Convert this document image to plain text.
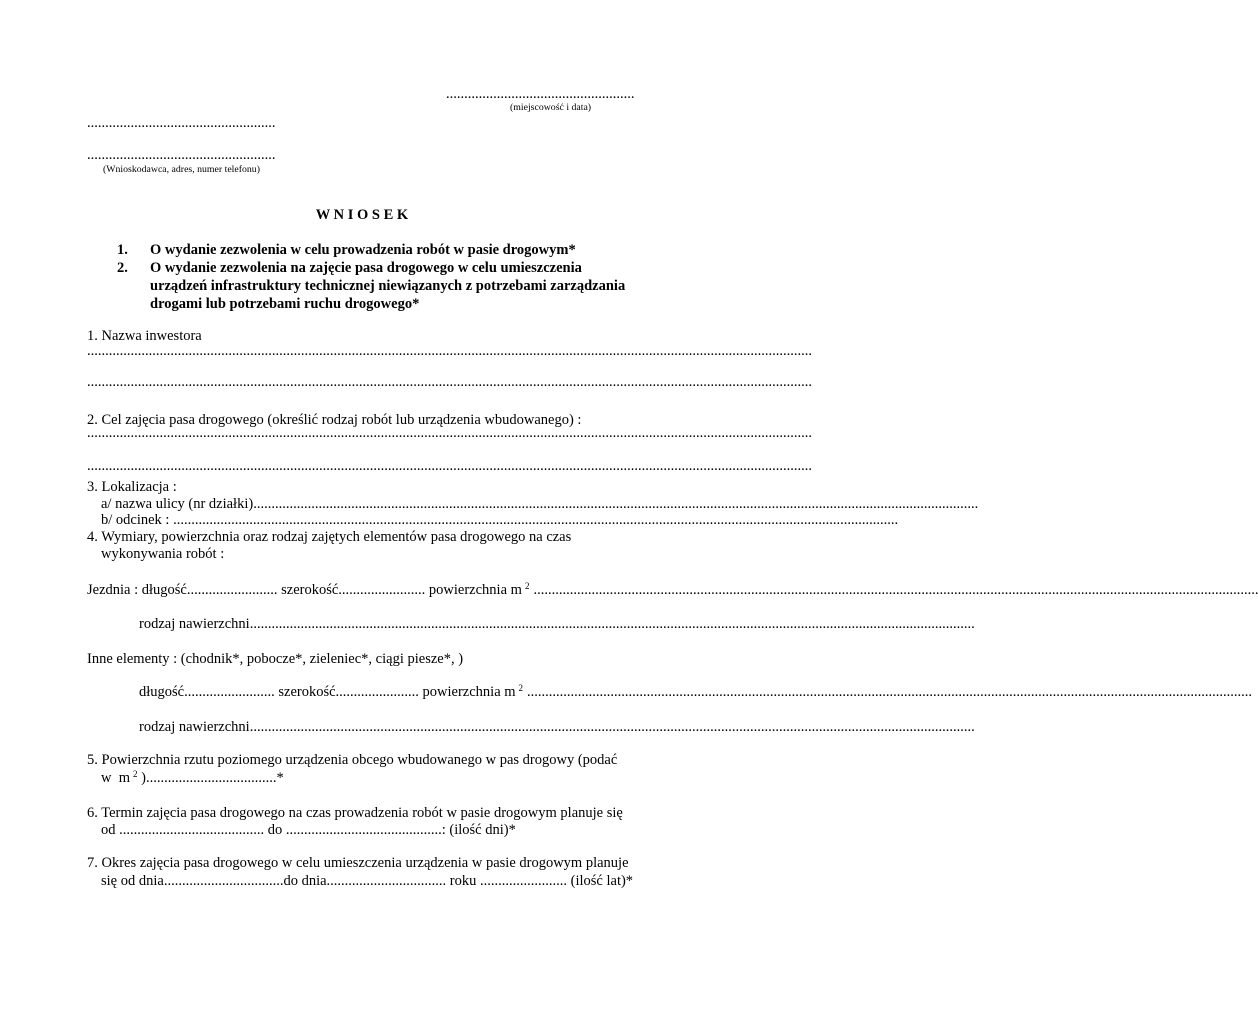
....................................................
(miejscowość i data)
....................................................
....................................................
(Wnioskodawca, adres, numer telefonu)
W N I O S E K
1. O wydanie zezwolenia w celu prowadzenia robót w pasie drogowym*
2. O wydanie zezwolenia na zajęcie pasa drogowego w celu umieszczenia
urządzeń infrastruktury technicznej niewiązanych z potrzebami zarządzania
drogami lub potrzebami ruchu drogowego*
1. Nazwa inwestora
........................................................................................................................................................................................................
........................................................................................................................................................................................................
2. Cel zajęcia pasa drogowego (określić rodzaj robót lub urządzenia wbudowanego) :
........................................................................................................................................................................................................
........................................................................................................................................................................................................
3. Lokalizacja :
a/ nazwa ulicy (nr działki) ........................................................................................................................................................................................................
b/ odcinek : ........................................................................................................................................................................................................
4. Wymiary, powierzchnia oraz rodzaj zajętych elementów pasa drogowego na czas
wykonywania robót :
Jezdnia : długość ......................... szerokość ........................ powierzchnia m 2 ........................................................................................................................................................................................................
rodzaj nawierzchni ........................................................................................................................................................................................................
Inne elementy : (chodnik*, pobocze*, zieleniec*, ciągi piesze*, )
długość ......................... szerokość ....................... powierzchnia m 2 ........................................................................................................................................................................................................
rodzaj nawierzchni ........................................................................................................................................................................................................
5. Powierzchnia rzutu poziomego urządzenia obcego wbudowanego w pas drogowy (podać
w  m 2 ) .................................... *
6. Termin zajęcia pasa drogowego na czas prowadzenia robót w pasie drogowym planuje się
od ........................................ do ........................................... : (ilość dni)*
7. Okres zajęcia pasa drogowego w celu umieszczenia urządzenia w pasie drogowym planuje
się od dnia ................................. do dnia ................................. roku ........................ (ilość lat)*
